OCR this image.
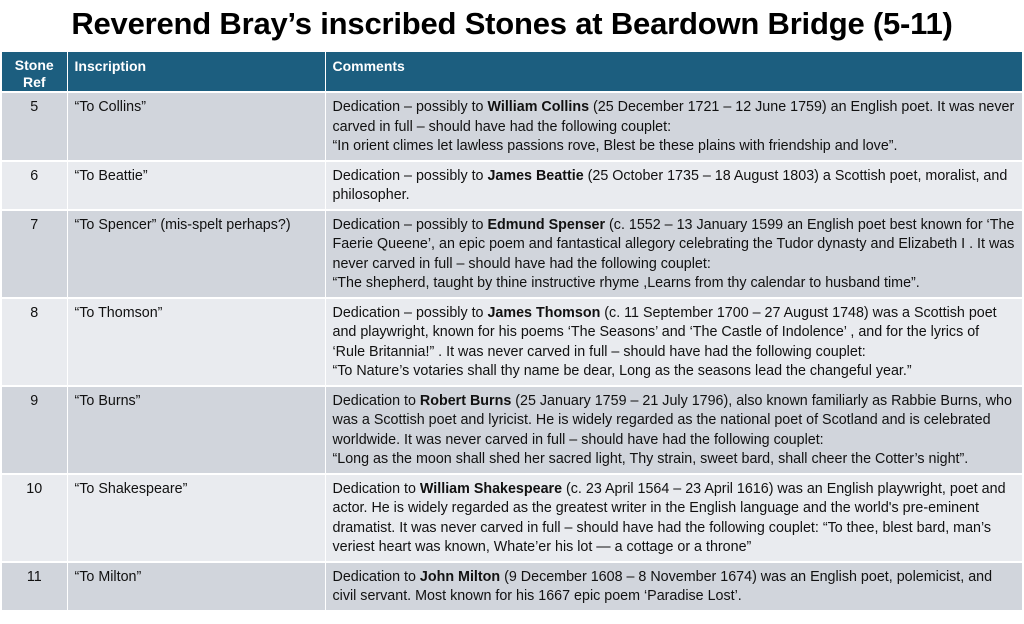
Reverend Bray’s inscribed Stones at Beardown Bridge (5-11)
Stone Ref	Inscription	Comments
5	“To Collins”	Dedication – possibly to William Collins (25 December 1721 – 12 June 1759) an English poet. It was never carved in full – should have had the following couplet:
“In orient climes let lawless passions rove, Blest be these plains with friendship and love”.
6	“To Beattie”	Dedication – possibly to James Beattie (25 October 1735 – 18 August 1803) a Scottish poet, moralist, and philosopher.
7	“To Spencer” (mis-spelt perhaps?)	Dedication – possibly to Edmund Spenser (c. 1552 – 13 January 1599 an English poet best known for ‘The Faerie Queene’, an epic poem and fantastical allegory celebrating the Tudor dynasty and Elizabeth I . It was never carved in full – should have had the following couplet:
“The shepherd, taught by thine instructive rhyme ,Learns from thy calendar to husband time”.
8	“To Thomson”	Dedication – possibly to James Thomson (c. 11 September 1700 – 27 August 1748) was a Scottish poet and playwright, known for his poems ‘The Seasons’ and ‘The Castle of Indolence’ , and for the lyrics of ‘Rule Britannia!” . It was never carved in full – should have had the following couplet:
“To Nature’s votaries shall thy name be dear, Long as the seasons lead the changeful year.”
9	“To Burns”	Dedication to Robert Burns (25 January 1759 – 21 July 1796), also known familiarly as Rabbie Burns, who was a Scottish poet and lyricist. He is widely regarded as the national poet of Scotland and is celebrated worldwide. It was never carved in full – should have had the following couplet:
“Long as the moon shall shed her sacred light, Thy strain, sweet bard, shall cheer the Cotter’s night”.
10	“To Shakespeare”	Dedication to William Shakespeare (c. 23 April 1564 – 23 April 1616) was an English playwright, poet and actor. He is widely regarded as the greatest writer in the English language and the world's pre-eminent dramatist. It was never carved in full – should have had the following couplet: “To thee, blest bard, man’s veriest heart was known, Whate’er his lot — a cottage or a throne”
11	“To Milton”	Dedication to John Milton (9 December 1608 – 8 November 1674) was an English poet, polemicist, and civil servant. Most known for his 1667 epic poem ‘Paradise Lost’.
